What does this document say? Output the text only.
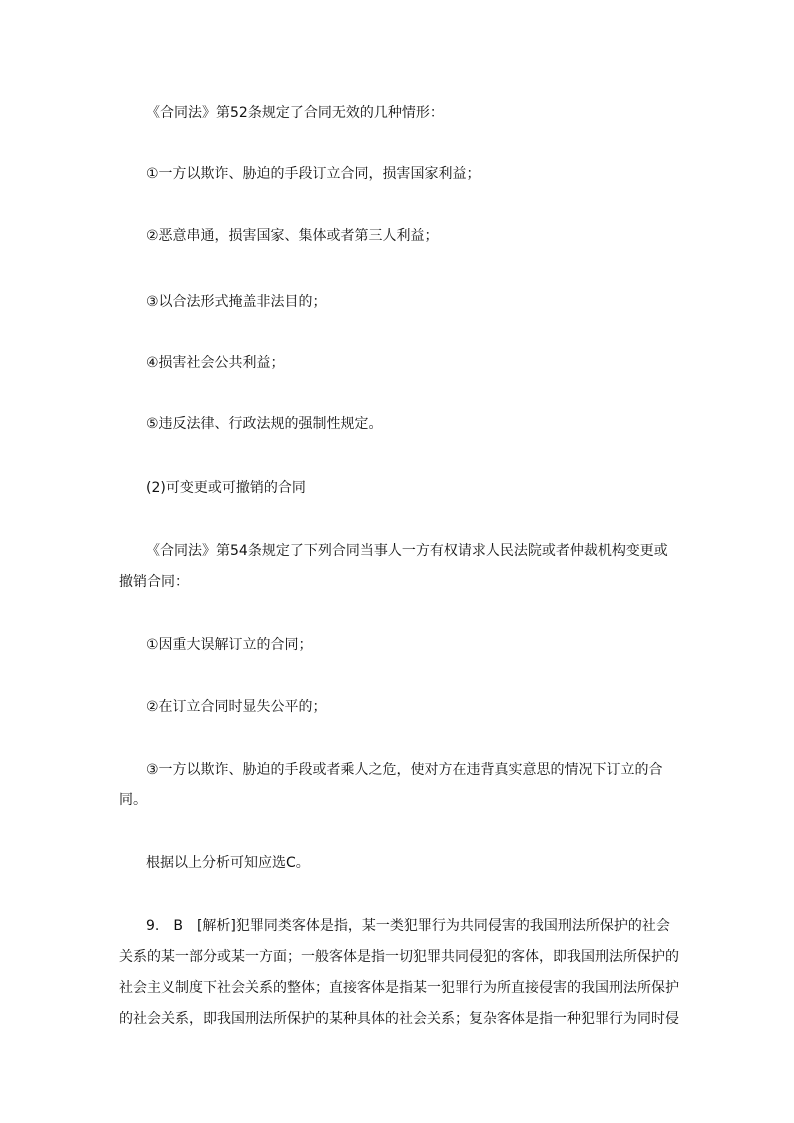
《合同法》第52条规定了合同无效的几种情形：

①一方以欺诈、胁迫的手段订立合同，损害国家利益；

②恶意串通，损害国家、集体或者第三人利益；

③以合法形式掩盖非法目的；

④损害社会公共利益；

⑤违反法律、行政法规的强制性规定。

(2)可变更或可撤销的合同

《合同法》第54条规定了下列合同当事人一方有权请求人民法院或者仲裁机构变更或

撤销合同：

①因重大误解订立的合同；

②在订立合同时显失公平的；

③一方以欺诈、胁迫的手段或者乘人之危，使对方在违背真实意思的情况下订立的合

同。

根据以上分析可知应选C。

9.　B　[解析]犯罪同类客体是指，某一类犯罪行为共同侵害的我国刑法所保护的社会

关系的某一部分或某一方面；一般客体是指一切犯罪共同侵犯的客体，即我国刑法所保护的

社会主义制度下社会关系的整体；直接客体是指某一犯罪行为所直接侵害的我国刑法所保护

的社会关系，即我国刑法所保护的某种具体的社会关系；复杂客体是指一种犯罪行为同时侵
